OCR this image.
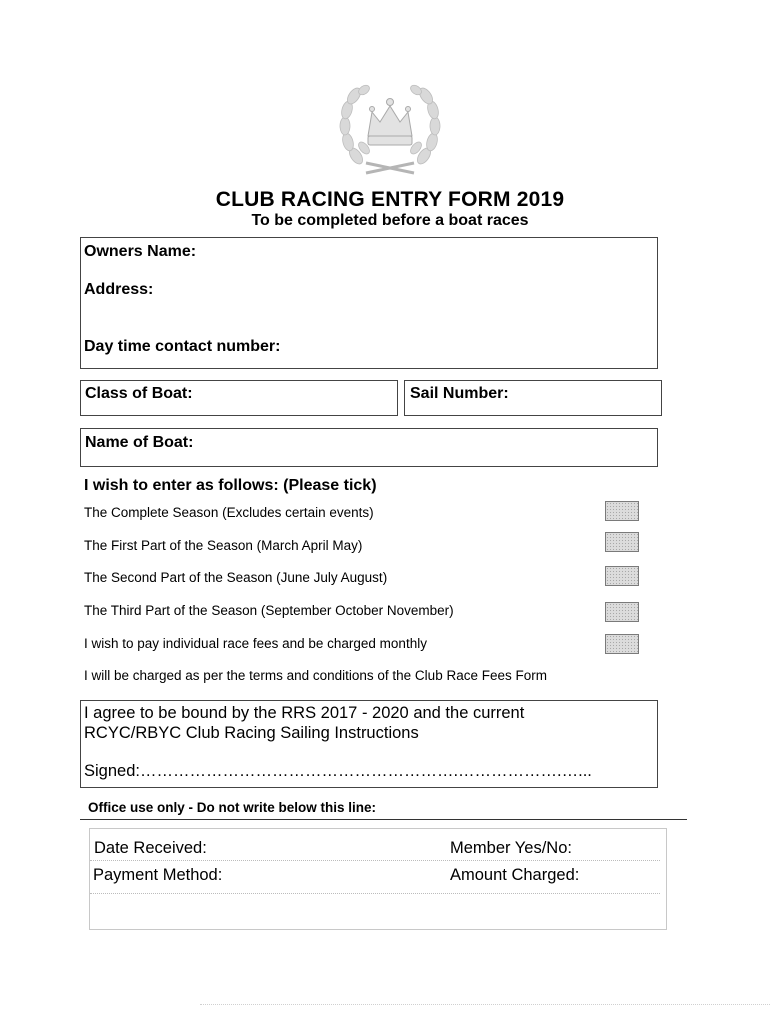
CLUB RACING ENTRY FORM 2019
To be completed before a boat races
Owners Name:
Address:
Day time contact number:
Class of Boat:	Sail Number:
Name of Boat:
I wish to enter as follows: (Please tick)
The Complete Season (Excludes certain events)
The First Part of the Season (March April May)
The Second Part of the Season (June July August)
The Third Part of the Season (September October November)
I wish to pay individual race fees and be charged monthly
I will be charged as per the terms and conditions of the Club Race Fees Form
I agree to be bound by the RRS 2017 - 2020 and the current
RCYC/RBYC Club Racing Sailing Instructions
Signed:………………………………………………….……………….…...
Office use only - Do not write below this line:
Date Received:	Member Yes/No:
Payment Method:	Amount Charged:
